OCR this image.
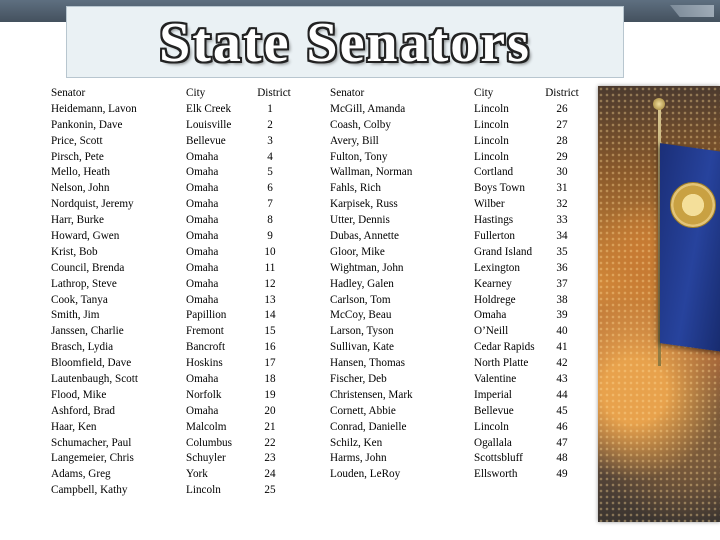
State Senators
Senator
Heidemann, Lavon
Pankonin, Dave
Price, Scott
Pirsch, Pete
Mello, Heath
Nelson, John
Nordquist, Jeremy
Harr, Burke
Howard, Gwen
Krist, Bob
Council, Brenda
Lathrop, Steve
Cook, Tanya
Smith, Jim
Janssen, Charlie
Brasch, Lydia
Bloomfield, Dave
Lautenbaugh, Scott
Flood, Mike
Ashford, Brad
Haar, Ken
Schumacher, Paul
Langemeier, Chris
Adams, Greg
Campbell, Kathy
City
Elk Creek
Louisville
Bellevue
Omaha
Omaha
Omaha
Omaha
Omaha
Omaha
Omaha
Omaha
Omaha
Omaha
Papillion
Fremont
Bancroft
Hoskins
Omaha
Norfolk
Omaha
Malcolm
Columbus
Schuyler
York
Lincoln
District
1
2
3
4
5
6
7
8
9
10
11
12
13
14
15
16
17
18
19
20
21
22
23
24
25
Senator
McGill, Amanda
Coash, Colby
Avery, Bill
Fulton, Tony
Wallman, Norman
Fahls, Rich
Karpisek, Russ
Utter, Dennis
Dubas, Annette
Gloor, Mike
Wightman, John
Hadley, Galen
Carlson, Tom
McCoy, Beau
Larson, Tyson
Sullivan, Kate
Hansen, Thomas
Fischer, Deb
Christensen, Mark
Cornett, Abbie
Conrad, Danielle
Schilz, Ken
Harms, John
Louden, LeRoy
City
Lincoln
Lincoln
Lincoln
Lincoln
Cortland
Boys Town
Wilber
Hastings
Fullerton
Grand Island
Lexington
Kearney
Holdrege
Omaha
O’Neill
Cedar Rapids
North Platte
Valentine
Imperial
Bellevue
Lincoln
Ogallala
Scottsbluff
Ellsworth
District
26
27
28
29
30
31
32
33
34
35
36
37
38
39
40
41
42
43
44
45
46
47
48
49
